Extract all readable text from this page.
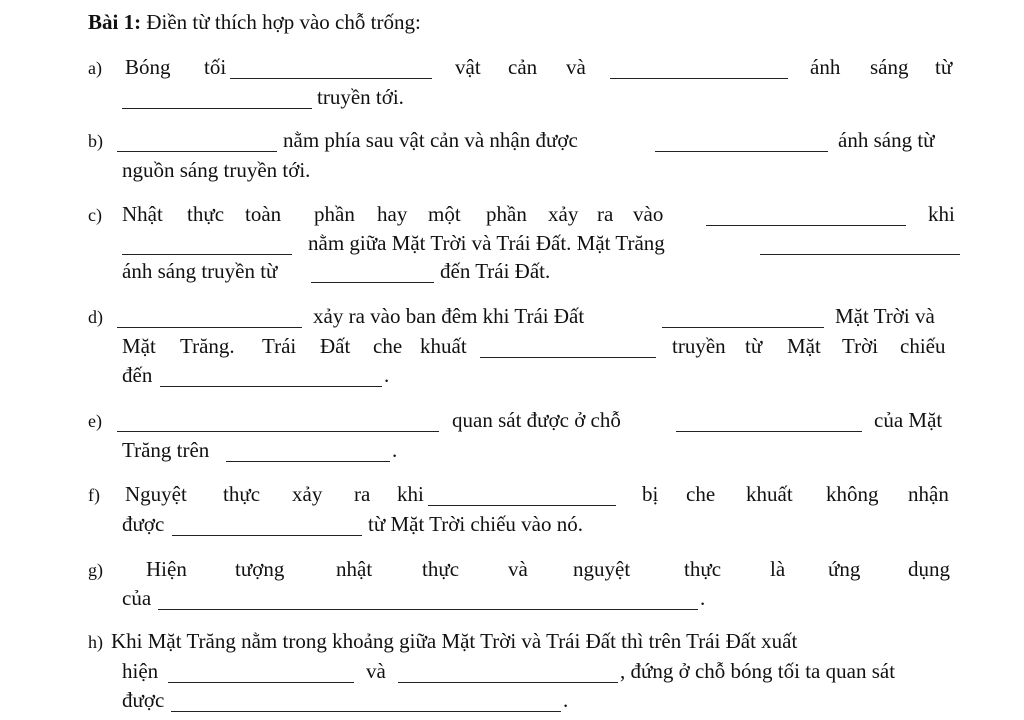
Bài 1: Điền từ thích hợp vào chỗ trống:
a) Bóng tối	vật cản và	ánh sáng từ
truyền tới.
b)	nằm phía sau vật cản và nhận được	ánh sáng từ
nguồn sáng truyền tới.
c) Nhật thực toàn phần hay một phần xảy ra vào	khi
nằm giữa Mặt Trời và Trái Đất. Mặt Trăng
ánh sáng truyền từ	đến Trái Đất.
d)	xảy ra vào ban đêm khi Trái Đất	Mặt Trời và
Mặt Trăng. Trái Đất che khuất	truyền từ Mặt Trời chiếu
đến	.
e)	quan sát được ở chỗ	của Mặt
Trăng trên	.
f) Nguyệt thực xảy ra khi	bị che khuất không nhận
được	từ Mặt Trời chiếu vào nó.
g) Hiện tượng nhật thực và nguyệt	thực là ứng dụng
của	.
h) Khi Mặt Trăng nằm trong khoảng giữa Mặt Trời và Trái Đất thì trên Trái Đất xuất
hiện	và	, đứng ở chỗ bóng tối ta quan sát
được	.
